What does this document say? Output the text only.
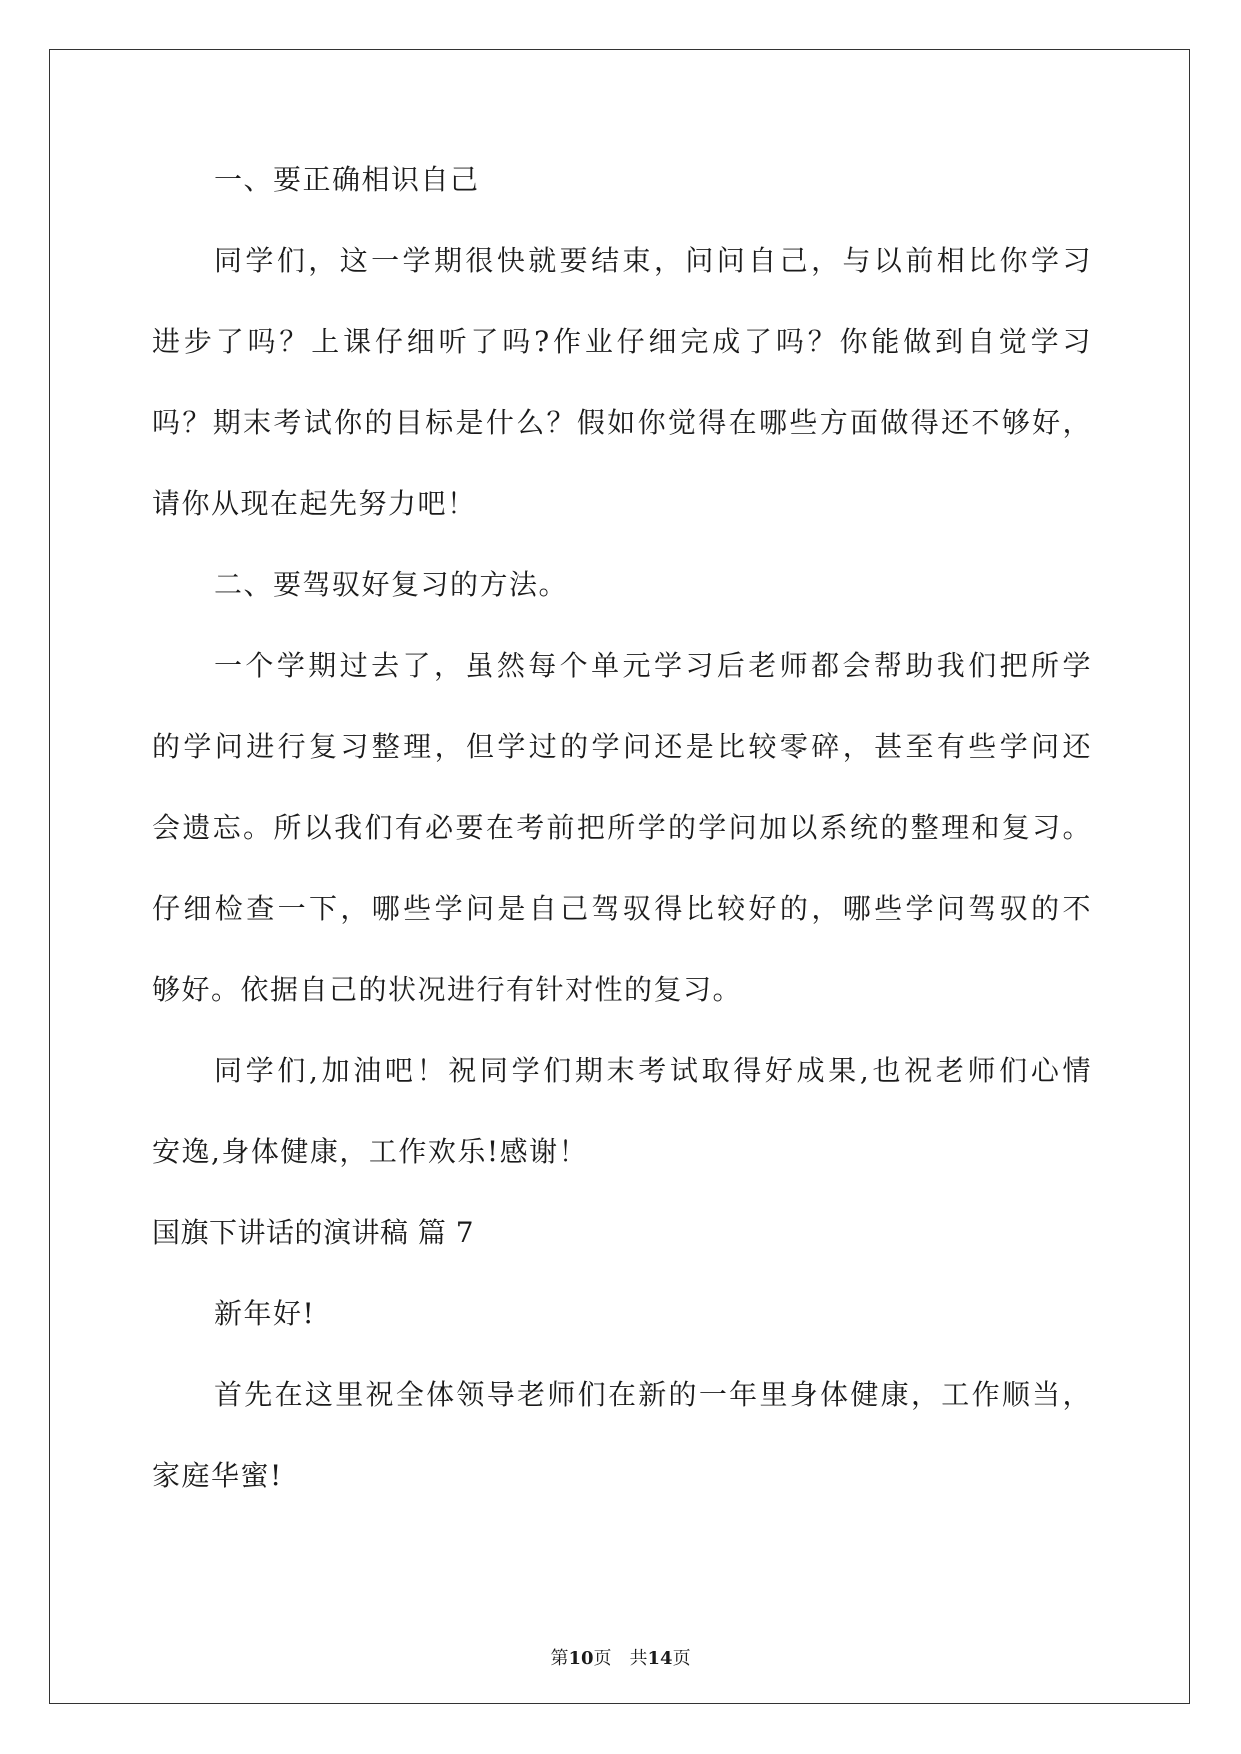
一、要正确相识自己
同学们，这一学期很快就要结束，问问自己，与以前相比你学习
进步了吗？上课仔细听了吗?作业仔细完成了吗？你能做到自觉学习
吗？期末考试你的目标是什么？假如你觉得在哪些方面做得还不够好，
请你从现在起先努力吧！
二、要驾驭好复习的方法。
一个学期过去了，虽然每个单元学习后老师都会帮助我们把所学
的学问进行复习整理，但学过的学问还是比较零碎，甚至有些学问还
会遗忘。所以我们有必要在考前把所学的学问加以系统的整理和复习。
仔细检查一下，哪些学问是自己驾驭得比较好的，哪些学问驾驭的不
够好。依据自己的状况进行有针对性的复习。
同学们,加油吧！祝同学们期末考试取得好成果,也祝老师们心情
安逸,身体健康，工作欢乐!感谢！
国旗下讲话的演讲稿 篇 7
新年好!
首先在这里祝全体领导老师们在新的一年里身体健康，工作顺当，
家庭华蜜!
第10页　共14页
